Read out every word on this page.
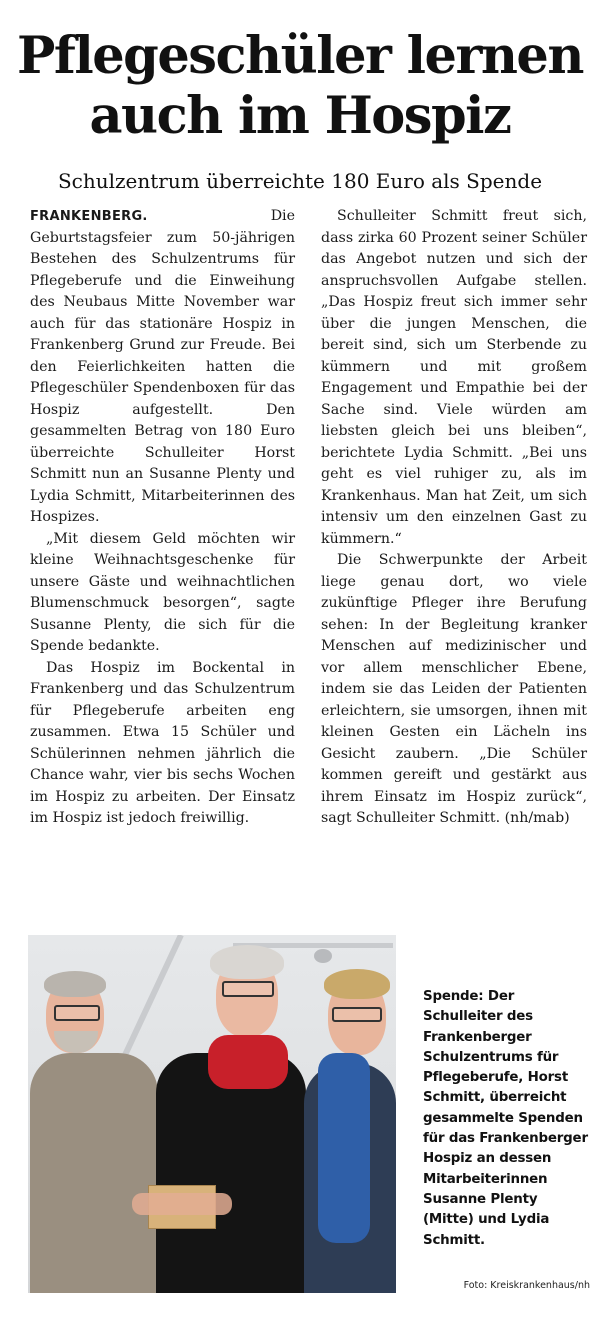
Pflegeschüler lernen
auch im Hospiz

Schulzentrum überreichte 180 Euro als Spende

FRANKENBERG.	Die Geburtstagsfeier zum 50-jährigen Bestehen des Schulzentrums für Pflegeberufe und die Einweihung des Neubaus Mitte November war auch für das stationäre Hospiz in Frankenberg Grund zur Freude. Bei den Feierlichkeiten hatten die Pflegeschüler Spendenboxen für das Hospiz aufgestellt. Den gesammelten Betrag von 180 Euro überreichte Schulleiter Horst Schmitt nun an Susanne Plenty und Lydia Schmitt, Mitarbeiterinnen des Hospizes.

„Mit diesem Geld möchten wir kleine Weihnachtsgeschenke für unsere Gäste und weihnachtlichen Blumenschmuck besorgen“, sagte Susanne Plenty, die sich für die Spende bedankte.

Das Hospiz im Bockental in Frankenberg und das Schulzentrum für Pflegeberufe arbeiten eng zusammen. Etwa 15 Schüler und Schülerinnen nehmen jährlich die Chance wahr, vier bis sechs Wochen im Hospiz zu arbeiten. Der Einsatz im Hospiz ist jedoch freiwillig.

Schulleiter Schmitt freut sich, dass zirka 60 Prozent seiner Schüler das Angebot nutzen und sich der anspruchsvollen Aufgabe stellen. „Das Hospiz freut sich immer sehr über die jungen Menschen, die bereit sind, sich um Sterbende zu kümmern und mit großem Engagement und Empathie bei der Sache sind. Viele würden am liebsten gleich bei uns bleiben“, berichtete Lydia Schmitt. „Bei uns geht es viel ruhiger zu, als im Krankenhaus. Man hat Zeit, um sich intensiv um den einzelnen Gast zu kümmern.“

Die Schwerpunkte der Arbeit liege genau dort, wo viele zukünftige Pfleger ihre Berufung sehen: In der Begleitung kranker Menschen auf medizinischer und vor allem menschlicher Ebene, indem sie das Leiden der Patienten erleichtern, sie umsorgen, ihnen mit kleinen Gesten ein Lächeln ins Gesicht zaubern. „Die Schüler kommen gereift und gestärkt aus ihrem Einsatz im Hospiz zurück“, sagt Schulleiter Schmitt. (nh/mab)

Spende: Der Schulleiter des Frankenberger Schulzentrums für Pflegeberufe, Horst Schmitt, überreicht gesammelte Spenden für das Frankenberger Hospiz an dessen Mitarbeiterinnen Susanne Plenty (Mitte) und Lydia Schmitt.

Foto: Kreiskrankenhaus/nh
